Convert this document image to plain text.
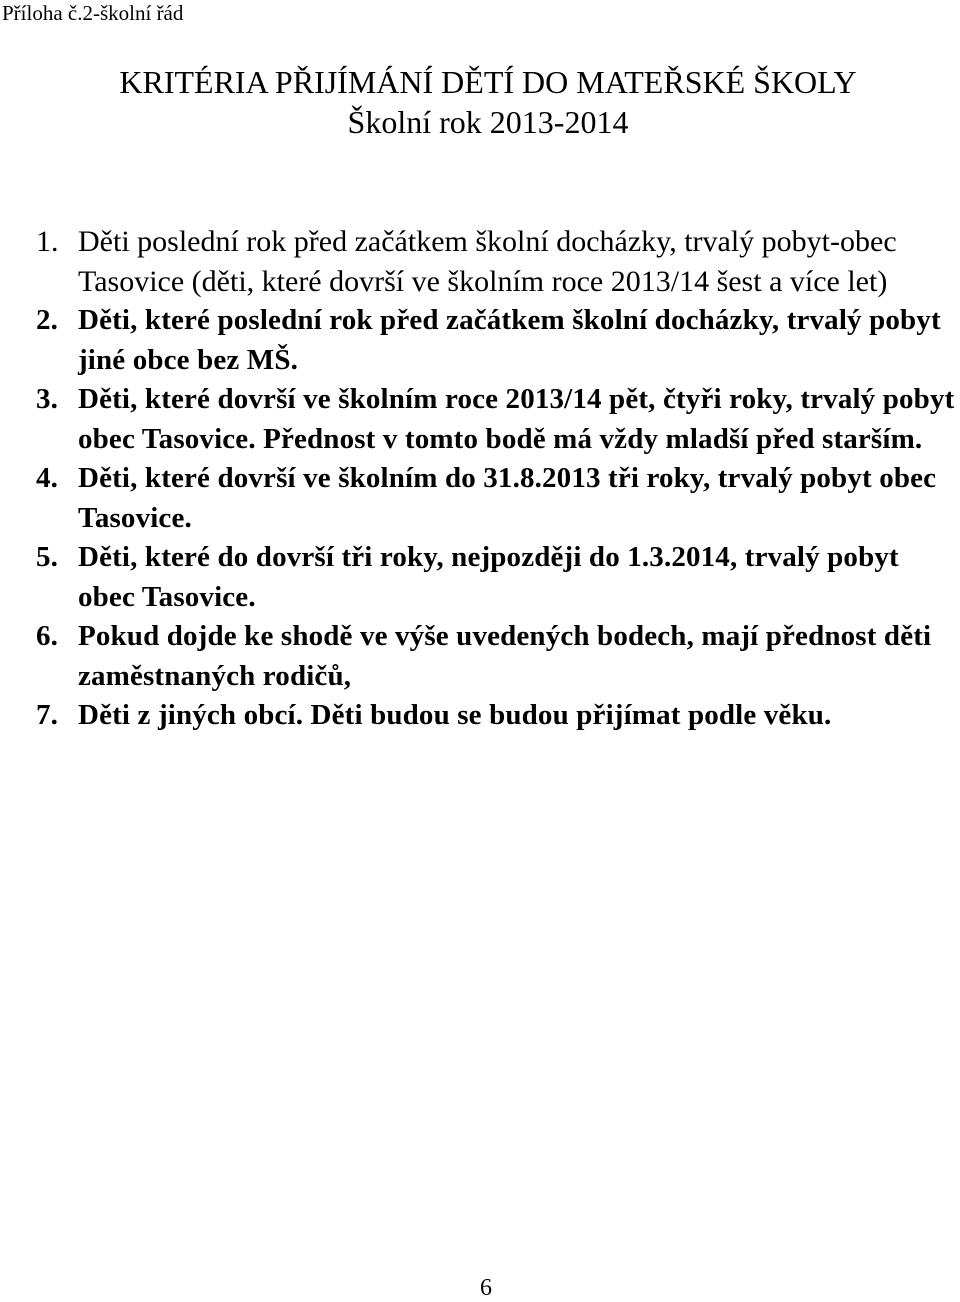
Příloha č.2-školní řád
KRITÉRIA PŘIJÍMÁNÍ DĚTÍ DO MATEŘSKÉ ŠKOLY
Školní rok 2013-2014
1. Děti poslední rok před začátkem školní docházky, trvalý pobyt-obec Tasovice (děti, které dovrší ve školním roce 2013/14 šest a více let)
2. Děti, které poslední rok před začátkem školní docházky, trvalý pobyt jiné obce bez MŠ.
3. Děti, které dovrší ve školním roce 2013/14 pět, čtyři roky, trvalý pobyt obec Tasovice. Přednost v tomto bodě má vždy mladší před starším.
4. Děti, které dovrší ve školním do 31.8.2013 tři roky, trvalý pobyt obec Tasovice.
5. Děti, které do dovrší tři roky, nejpozději do 1.3.2014, trvalý pobyt obec Tasovice.
6. Pokud dojde ke shodě ve výše uvedených bodech, mají přednost děti zaměstnaných rodičů,
7. Děti z jiných obcí. Děti budou se budou přijímat podle věku.
6
